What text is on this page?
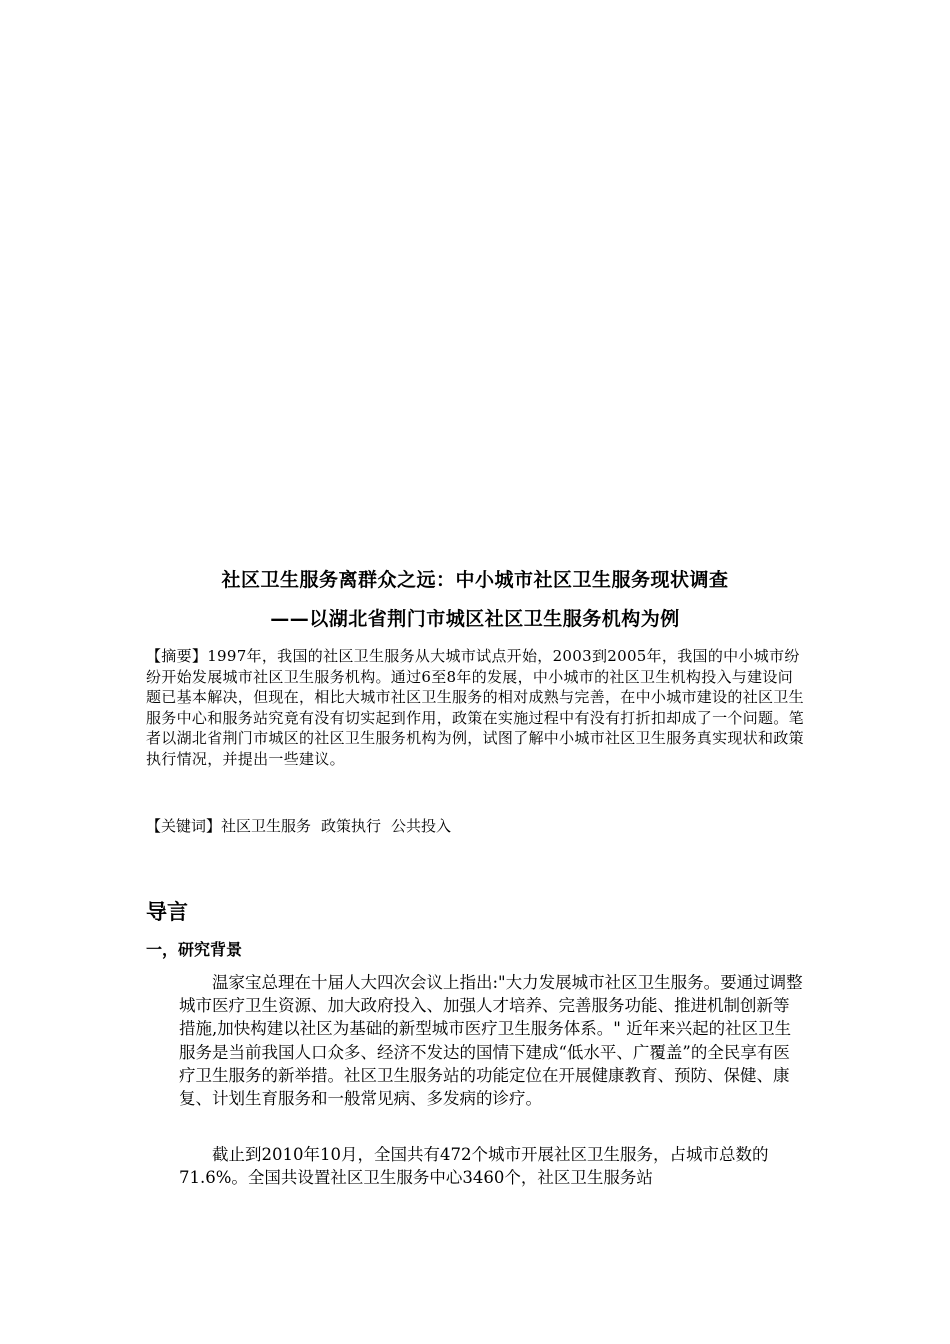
社区卫生服务离群众之远：中小城市社区卫生服务现状调查
——以湖北省荆门市城区社区卫生服务机构为例
【摘要】1997年，我国的社区卫生服务从大城市试点开始，2003到2005年，我国的中小城市纷纷开始发展城市社区卫生服务机构。通过6至8年的发展，中小城市的社区卫生机构投入与建设问题已基本解决，但现在，相比大城市社区卫生服务的相对成熟与完善，在中小城市建设的社区卫生服务中心和服务站究竟有没有切实起到作用，政策在实施过程中有没有打折扣却成了一个问题。笔者以湖北省荆门市城区的社区卫生服务机构为例，试图了解中小城市社区卫生服务真实现状和政策执行情况，并提出一些建议。
【关键词】社区卫生服务 政策执行 公共投入
导言
一，研究背景

温家宝总理在十届人大四次会议上指出:"大力发展城市社区卫生服务。要通过调整城市医疗卫生资源、加大政府投入、加强人才培养、完善服务功能、推进机制创新等措施,加快构建以社区为基础的新型城市医疗卫生服务体系。" 近年来兴起的社区卫生服务是当前我国人口众多、经济不发达的国情下建成“低水平、广覆盖”的全民享有医疗卫生服务的新举措。社区卫生服务站的功能定位在开展健康教育、预防、保健、康复、计划生育服务和一般常见病、多发病的诊疗。

截止到2010年10月，全国共有472个城市开展社区卫生服务，占城市总数的71.6%。全国共设置社区卫生服务中心3460个，社区卫生服务站
